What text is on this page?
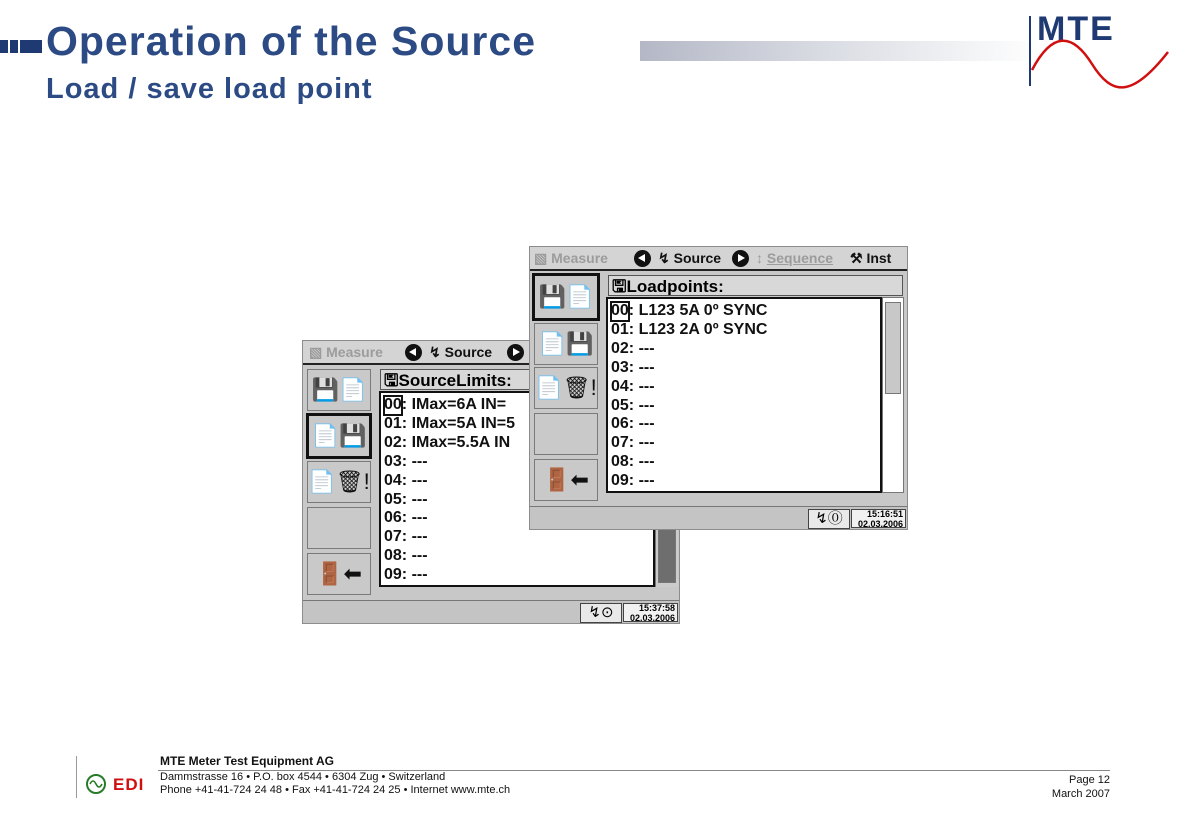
Operation of the Source
Load / save load point
MTE
▧ Measure	↯ Source
💾📄
📄💾
📄🗑!
🚪⬅
🖫SourceLimits:
00: IMax=6A IN=
01: IMax=5A IN=5
02: IMax=5.5A IN
03: ---
04: ---
05: ---
06: ---
07: ---
08: ---
09: ---
↯⊙	15:37:58
02.03.2006
▧ Measure	↯ Source	↕ Sequence	⚒ Inst
💾📄
📄💾
📄🗑!
🚪⬅
🖫Loadpoints:
00: L123 5A 0º SYNC
01: L123 2A 0º SYNC
02: ---
03: ---
04: ---
05: ---
06: ---
07: ---
08: ---
09: ---
↯⓪	15:16:51
02.03.2006
MTE Meter Test Equipment AG
Dammstrasse 16 • P.O. box 4544 • 6304 Zug • Switzerland
Phone +41-41-724 24 48 • Fax +41-41-724 24 25 • Internet www.mte.ch
EDI	Page 12
March 2007
